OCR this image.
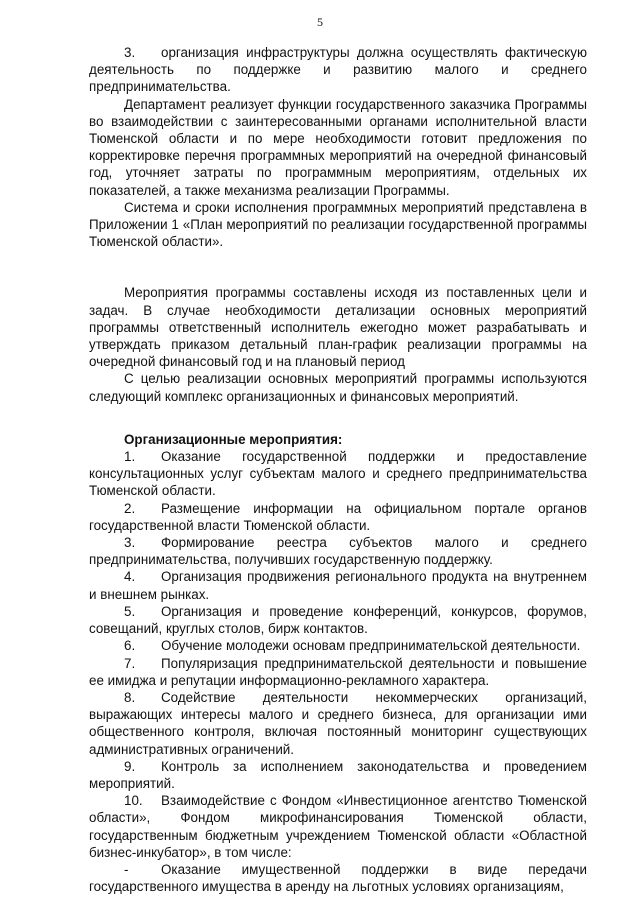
5

3. организация инфраструктуры должна осуществлять фактическую деятельность по поддержке и развитию малого и среднего предпринимательства.

Департамент реализует функции государственного заказчика Программы во взаимодействии с заинтересованными органами исполнительной власти Тюменской области и по мере необходимости готовит предложения по корректировке перечня программных мероприятий на очередной финансовый год, уточняет затраты по программным мероприятиям, отдельных их показателей, а также механизма реализации Программы.

Система и сроки исполнения программных мероприятий представлена в Приложении 1 «План мероприятий по реализации государственной программы Тюменской области».

Мероприятия программы составлены исходя из поставленных цели и задач. В случае необходимости детализации основных мероприятий программы ответственный исполнитель ежегодно может разрабатывать и утверждать приказом детальный план-график реализации программы на очередной финансовый год и на плановый период

С целью реализации основных мероприятий программы используются следующий комплекс организационных и финансовых мероприятий.

Организационные мероприятия:

1. Оказание государственной поддержки и предоставление консультационных услуг субъектам малого и среднего предпринимательства Тюменской области.

2. Размещение информации на официальном портале органов государственной власти Тюменской области.

3. Формирование реестра субъектов малого и среднего предпринимательства, получивших государственную поддержку.

4. Организация продвижения регионального продукта на внутреннем и внешнем рынках.

5. Организация и проведение конференций, конкурсов, форумов, совещаний, круглых столов, бирж контактов.

6. Обучение молодежи основам предпринимательской деятельности.

7. Популяризация предпринимательской деятельности и повышение ее имиджа и репутации информационно-рекламного характера.

8. Содействие деятельности некоммерческих организаций, выражающих интересы малого и среднего бизнеса, для организации ими общественного контроля, включая постоянный мониторинг существующих административных ограничений.

9. Контроль за исполнением законодательства и проведением мероприятий.

10. Взаимодействие с Фондом «Инвестиционное агентство Тюменской области», Фондом микрофинансирования Тюменской области, государственным бюджетным учреждением Тюменской области «Областной бизнес-инкубатор», в том числе:

- Оказание имущественной поддержки в виде передачи государственного имущества в аренду на льготных условиях организациям,
